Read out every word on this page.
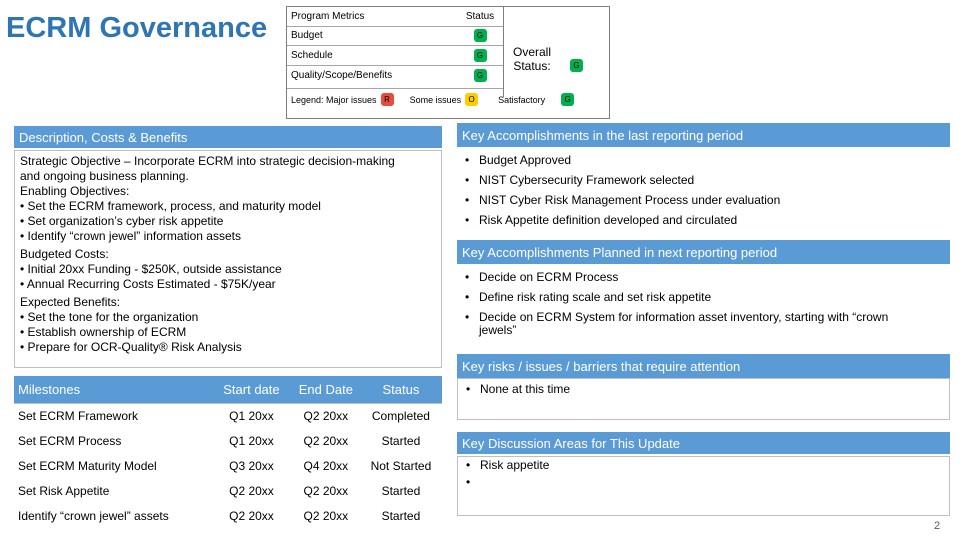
ECRM Governance	Program Metrics	Status
Budget	G
Schedule	G
Quality/Scope/Benefits	G
Overall
Status:	G
Legend: Major issues R	Some issues O	Satisfactory	G
Description, Costs & Benefits
Strategic Objective – Incorporate ECRM into strategic decision-making
and ongoing business planning.
Enabling Objectives:
• Set the ECRM framework, process, and maturity model
• Set organization’s cyber risk appetite
• Identify “crown jewel” information assets
Budgeted Costs:
• Initial 20xx Funding - $250K, outside assistance
• Annual Recurring Costs Estimated - $75K/year
Expected Benefits:
• Set the tone for the organization
• Establish ownership of ECRM
• Prepare for OCR-Quality® Risk Analysis
Milestones	Start date	End Date	Status
Set ECRM Framework	Q1 20xx	Q2 20xx	Completed
Set ECRM Process	Q1 20xx	Q2 20xx	Started
Set ECRM Maturity Model	Q3 20xx	Q4 20xx	Not Started
Set Risk Appetite	Q2 20xx	Q2 20xx	Started
Identify “crown jewel” assets	Q2 20xx	Q2 20xx	Started
Key Accomplishments in the last reporting period
• Budget Approved
• NIST Cybersecurity Framework selected
• NIST Cyber Risk Management Process under evaluation
• Risk Appetite definition developed and circulated
Key Accomplishments Planned in next reporting period
• Decide on ECRM Process
• Define risk rating scale and set risk appetite
• Decide on ECRM System for information asset inventory, starting with “crown
jewels”
Key risks / issues / barriers that require attention
• None at this time
Key Discussion Areas for This Update
• Risk appetite
•
2
